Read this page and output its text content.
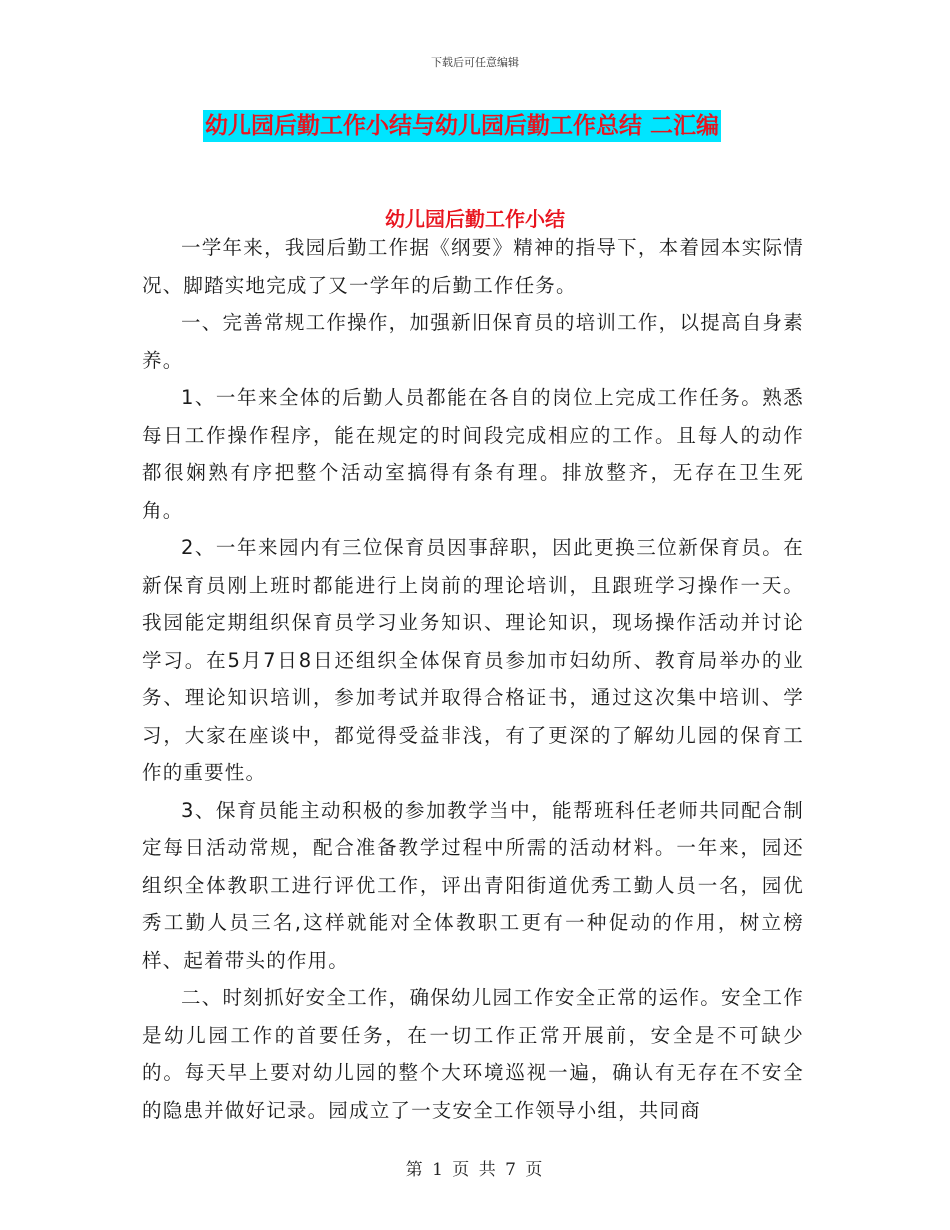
下载后可任意编辑
幼儿园后勤工作小结与幼儿园后勤工作总结 二汇编
幼儿园后勤工作小结

一学年来，我园后勤工作据《纲要》精神的指导下，本着园本实际情况、脚踏实地完成了又一学年的后勤工作任务。

一、完善常规工作操作，加强新旧保育员的培训工作，以提高自身素养。

1、一年来全体的后勤人员都能在各自的岗位上完成工作任务。熟悉每日工作操作程序，能在规定的时间段完成相应的工作。且每人的动作都很娴熟有序把整个活动室搞得有条有理。排放整齐，无存在卫生死角。

2、一年来园内有三位保育员因事辞职，因此更换三位新保育员。在新保育员刚上班时都能进行上岗前的理论培训，且跟班学习操作一天。我园能定期组织保育员学习业务知识、理论知识，现场操作活动并讨论学习。在5月7日8日还组织全体保育员参加市妇幼所、教育局举办的业务、理论知识培训，参加考试并取得合格证书，通过这次集中培训、学习，大家在座谈中，都觉得受益非浅，有了更深的了解幼儿园的保育工作的重要性。

3、保育员能主动积极的参加教学当中，能帮班科任老师共同配合制定每日活动常规，配合准备教学过程中所需的活动材料。一年来，园还组织全体教职工进行评优工作，评出青阳街道优秀工勤人员一名，园优秀工勤人员三名,这样就能对全体教职工更有一种促动的作用，树立榜样、起着带头的作用。

二、时刻抓好安全工作，确保幼儿园工作安全正常的运作。安全工作是幼儿园工作的首要任务，在一切工作正常开展前，安全是不可缺少的。每天早上要对幼儿园的整个大环境巡视一遍，确认有无存在不安全的隐患并做好记录。园成立了一支安全工作领导小组，共同商

第 1 页 共 7 页
